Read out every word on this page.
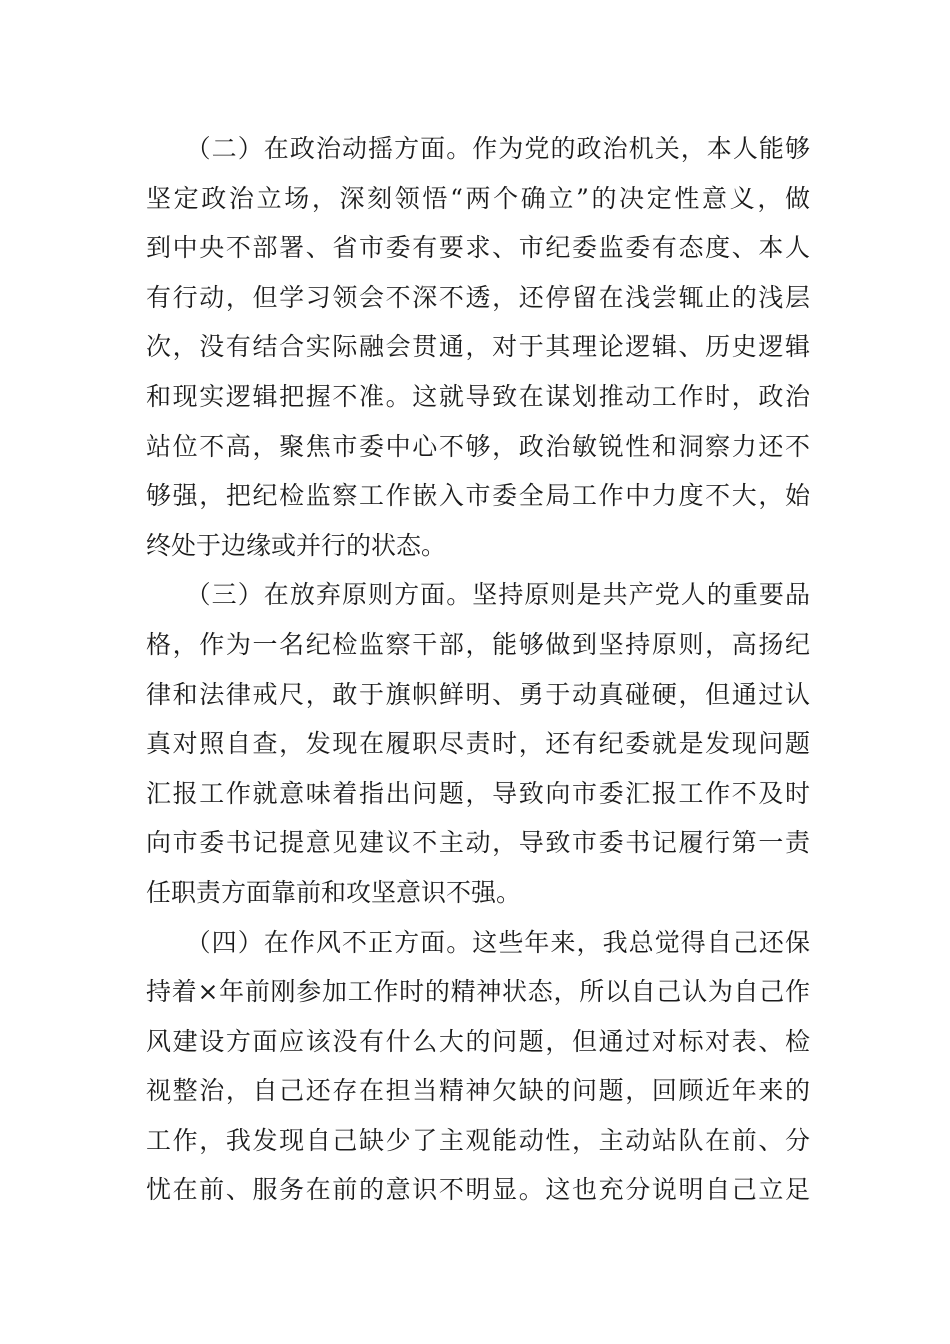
　　（二）在政治动摇方面。作为党的政治机关，本人能够
坚定政治立场，深刻领悟“两个确立”的决定性意义，做
到中央不部署、省市委有要求、市纪委监委有态度、本人
有行动，但学习领会不深不透，还停留在浅尝辄止的浅层
次，没有结合实际融会贯通，对于其理论逻辑、历史逻辑
和现实逻辑把握不准。这就导致在谋划推动工作时，政治
站位不高，聚焦市委中心不够，政治敏锐性和洞察力还不
够强，把纪检监察工作嵌入市委全局工作中力度不大，始
终处于边缘或并行的状态。
　　（三）在放弃原则方面。坚持原则是共产党人的重要品
格，作为一名纪检监察干部，能够做到坚持原则，高扬纪
律和法律戒尺，敢于旗帜鲜明、勇于动真碰硬，但通过认
真对照自查，发现在履职尽责时，还有纪委就是发现问题
汇报工作就意味着指出问题，导致向市委汇报工作不及时
向市委书记提意见建议不主动，导致市委书记履行第一责
任职责方面靠前和攻坚意识不强。
　　（四）在作风不正方面。这些年来，我总觉得自己还保
持着×年前刚参加工作时的精神状态，所以自己认为自己作
风建设方面应该没有什么大的问题，但通过对标对表、检
视整治，自己还存在担当精神欠缺的问题，回顾近年来的
工作，我发现自己缺少了主观能动性，主动站队在前、分
忧在前、服务在前的意识不明显。这也充分说明自己立足
